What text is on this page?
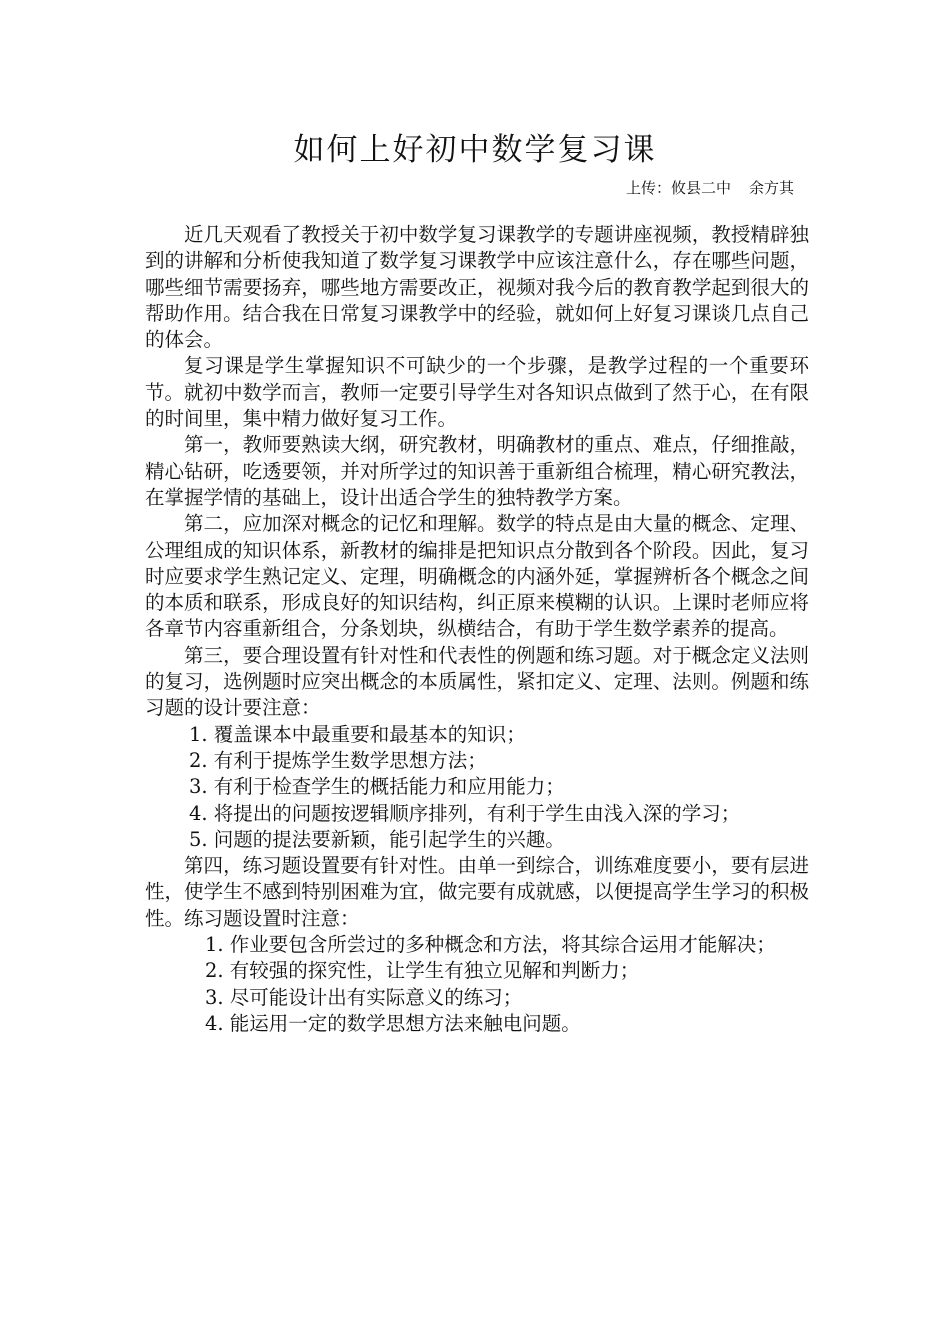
如何上好初中数学复习课
上传：攸县二中 余方其

近几天观看了教授关于初中数学复习课教学的专题讲座视频，教授精辟独到的讲解和分析使我知道了数学复习课教学中应该注意什么，存在哪些问题，哪些细节需要扬弃，哪些地方需要改正，视频对我今后的教育教学起到很大的帮助作用。结合我在日常复习课教学中的经验，就如何上好复习课谈几点自己的体会。

复习课是学生掌握知识不可缺少的一个步骤，是教学过程的一个重要环节。就初中数学而言，教师一定要引导学生对各知识点做到了然于心，在有限的时间里，集中精力做好复习工作。

第一，教师要熟读大纲，研究教材，明确教材的重点、难点，仔细推敲，精心钻研，吃透要领，并对所学过的知识善于重新组合梳理，精心研究教法，在掌握学情的基础上，设计出适合学生的独特教学方案。

第二，应加深对概念的记忆和理解。数学的特点是由大量的概念、定理、公理组成的知识体系，新教材的编排是把知识点分散到各个阶段。因此，复习时应要求学生熟记定义、定理，明确概念的内涵外延，掌握辨析各个概念之间的本质和联系，形成良好的知识结构，纠正原来模糊的认识。上课时老师应将各章节内容重新组合，分条划块，纵横结合，有助于学生数学素养的提高。

第三，要合理设置有针对性和代表性的例题和练习题。对于概念定义法则的复习，选例题时应突出概念的本质属性，紧扣定义、定理、法则。例题和练习题的设计要注意：

1. 覆盖课本中最重要和最基本的知识；
2. 有利于提炼学生数学思想方法；
3. 有利于检查学生的概括能力和应用能力；
4. 将提出的问题按逻辑顺序排列，有利于学生由浅入深的学习；
5. 问题的提法要新颖，能引起学生的兴趣。

第四，练习题设置要有针对性。由单一到综合，训练难度要小，要有层进性，使学生不感到特别困难为宜，做完要有成就感，以便提高学生学习的积极性。练习题设置时注意：

1. 作业要包含所尝过的多种概念和方法，将其综合运用才能解决；
2. 有较强的探究性，让学生有独立见解和判断力；
3. 尽可能设计出有实际意义的练习；
4. 能运用一定的数学思想方法来触电问题。
